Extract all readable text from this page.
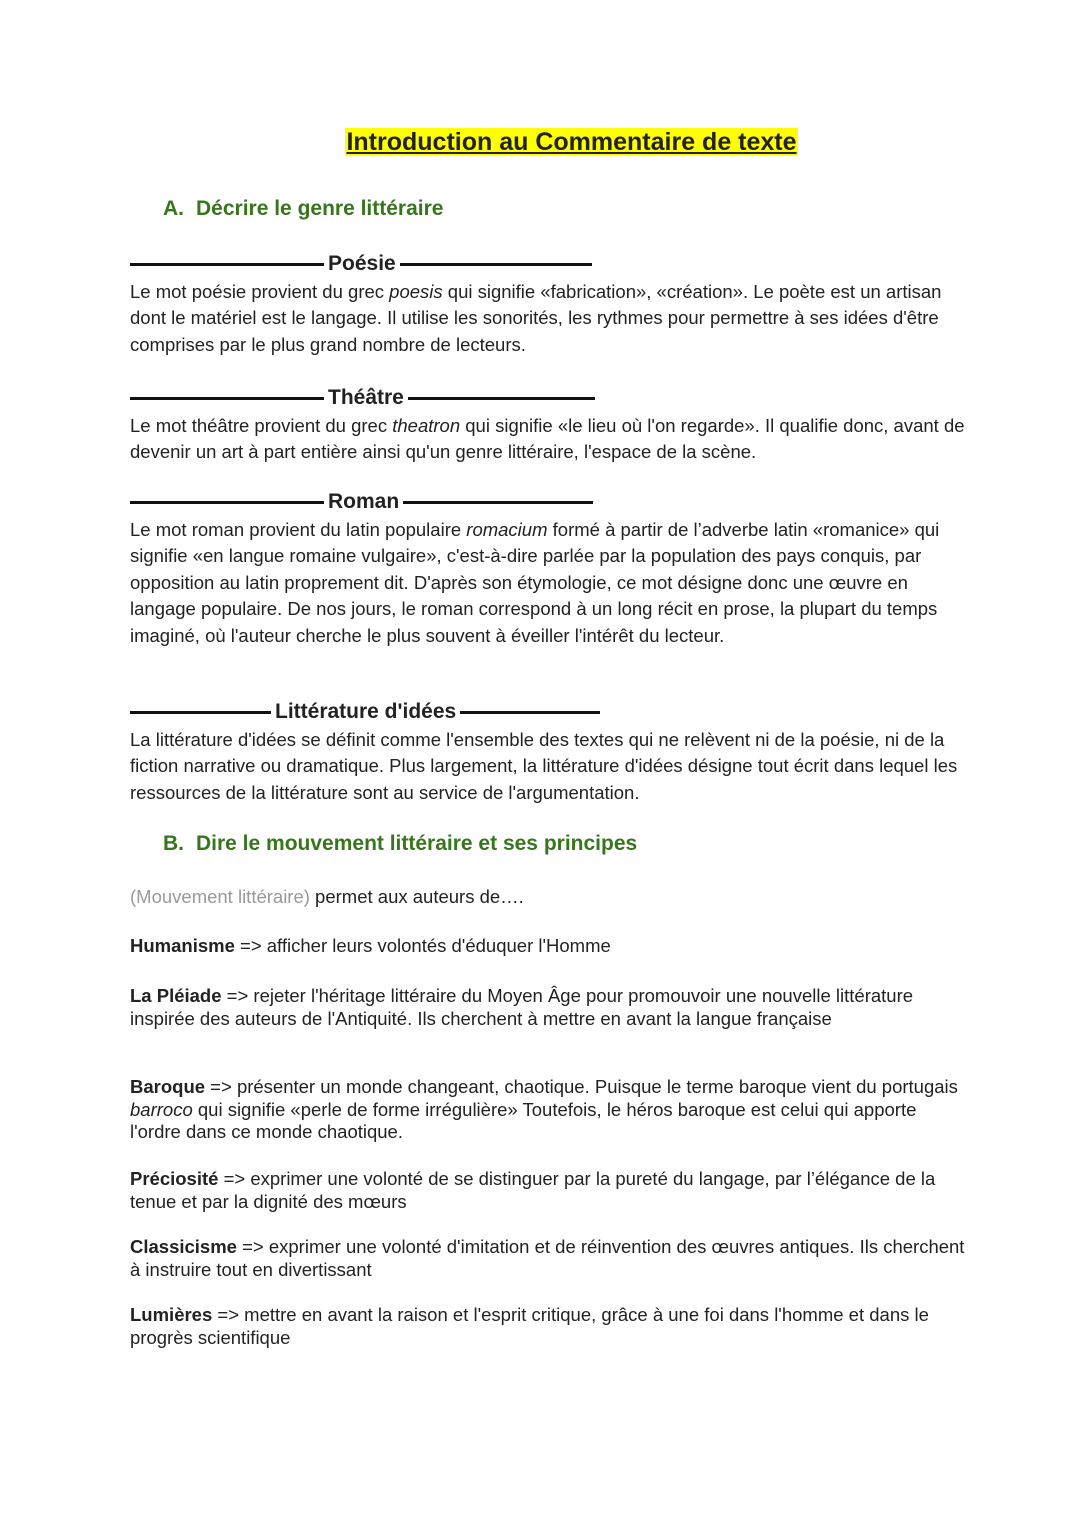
Introduction au Commentaire de texte
A. Décrire le genre littéraire
Poésie

Le mot poésie provient du grec poesis qui signifie «fabrication», «création». Le poète est un artisan dont le matériel est le langage. Il utilise les sonorités, les rythmes pour permettre à ses idées d'être comprises par le plus grand nombre de lecteurs.

Théâtre

Le mot théâtre provient du grec theatron qui signifie «le lieu où l'on regarde». Il qualifie donc, avant de devenir un art à part entière ainsi qu'un genre littéraire, l'espace de la scène.

Roman

Le mot roman provient du latin populaire romacium formé à partir de l’adverbe latin «romanice» qui signifie «en langue romaine vulgaire», c'est-à-dire parlée par la population des pays conquis, par opposition au latin proprement dit. D'après son étymologie, ce mot désigne donc une œuvre en langage populaire. De nos jours, le roman correspond à un long récit en prose, la plupart du temps imaginé, où l'auteur cherche le plus souvent à éveiller l'intérêt du lecteur.

Littérature d'idées

La littérature d'idées se définit comme l'ensemble des textes qui ne relèvent ni de la poésie, ni de la fiction narrative ou dramatique. Plus largement, la littérature d'idées désigne tout écrit dans lequel les ressources de la littérature sont au service de l'argumentation.

B. Dire le mouvement littéraire et ses principes

(Mouvement littéraire) permet aux auteurs de….

Humanisme => afficher leurs volontés d'éduquer l'Homme

La Pléiade => rejeter l'héritage littéraire du Moyen Âge pour promouvoir une nouvelle littérature inspirée des auteurs de l'Antiquité. Ils cherchent à mettre en avant la langue française

Baroque => présenter un monde changeant, chaotique. Puisque le terme baroque vient du portugais barroco qui signifie «perle de forme irrégulière» Toutefois, le héros baroque est celui qui apporte l'ordre dans ce monde chaotique.

Préciosité => exprimer une volonté de se distinguer par la pureté du langage, par l’élégance de la tenue et par la dignité des mœurs

Classicisme => exprimer une volonté d'imitation et de réinvention des œuvres antiques. Ils cherchent à instruire tout en divertissant

Lumières => mettre en avant la raison et l'esprit critique, grâce à une foi dans l'homme et dans le progrès scientifique
